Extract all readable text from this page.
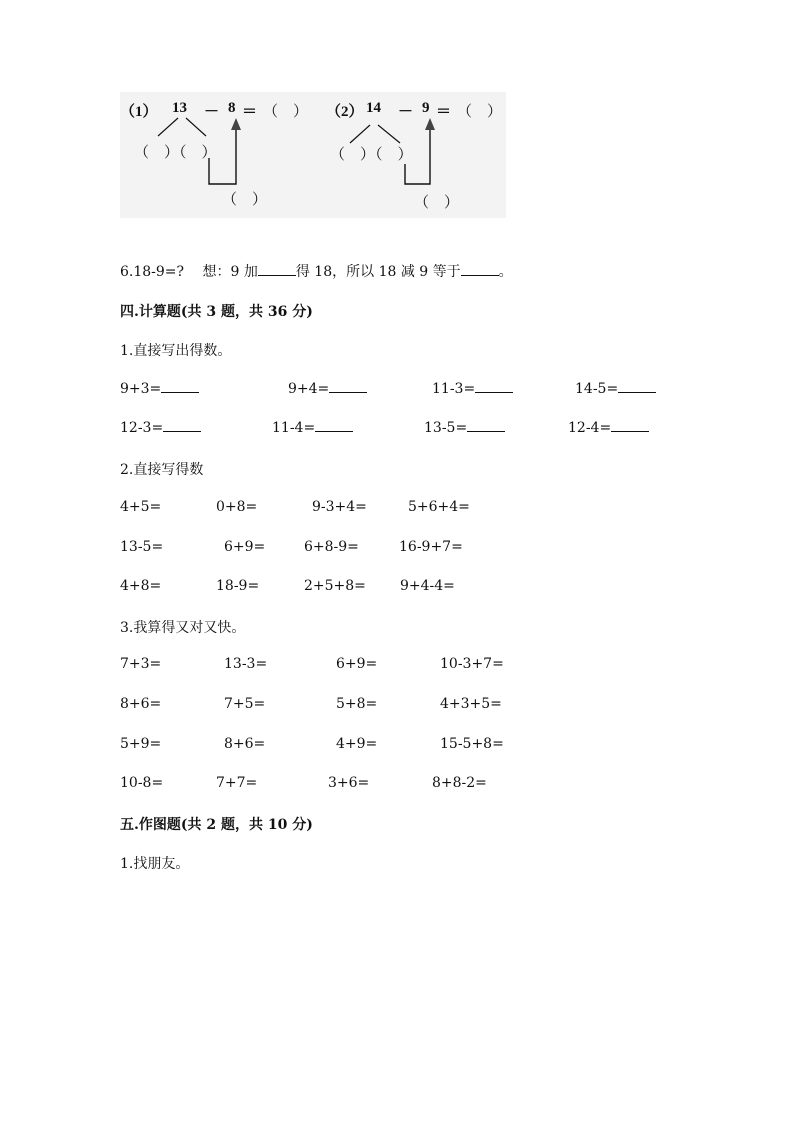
（1） 13 － 8 ＝ （　）
（　）（　）
（　）
（2） 14 － 9 ＝ （　）
（　）（　）
（　）
6.18-9=?　 想：9 加	得 18，所以 18 减 9 等于	。
四.计算题(共 3 题，共 36 分)
1.直接写出得数。
9+3=	9+4=	11-3=	14-5=
12-3=	11-4=	13-5=	12-4=
2.直接写得数
4+5=	0+8=	9-3+4=	5+6+4=
13-5=	6+9=	6+8-9=	16-9+7=
4+8=	18-9=	2+5+8= 9+4-4=
3.我算得又对又快。
7+3=	13-3=	6+9=	10-3+7=
8+6=	7+5=	5+8=	4+3+5=
5+9=	8+6=	4+9=	15-5+8=
10-8=	7+7=	3+6=	8+8-2=
五.作图题(共 2 题，共 10 分)
1.找朋友。
